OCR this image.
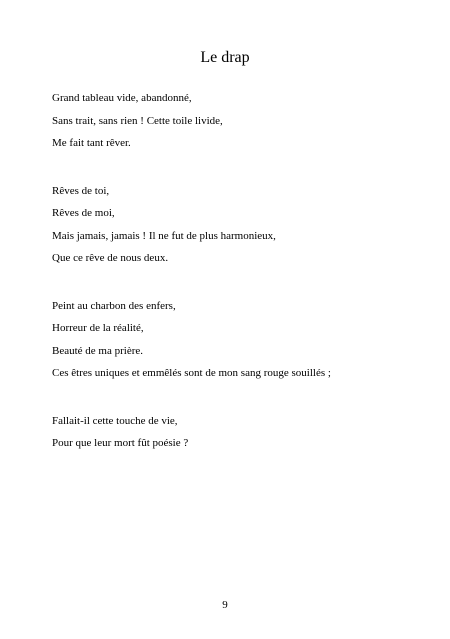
Le drap
Grand tableau vide, abandonné,
Sans trait, sans rien ! Cette toile livide,
Me fait tant rêver.
Rêves de toi,
Rêves de moi,
Mais jamais, jamais ! Il ne fut de plus harmonieux,
Que ce rêve de nous deux.
Peint au charbon des enfers,
Horreur de la réalité,
Beauté de ma prière.
Ces êtres uniques et emmêlés sont de mon sang rouge souillés ;
Fallait-il cette touche de vie,
Pour que leur mort fût poésie ?
9
